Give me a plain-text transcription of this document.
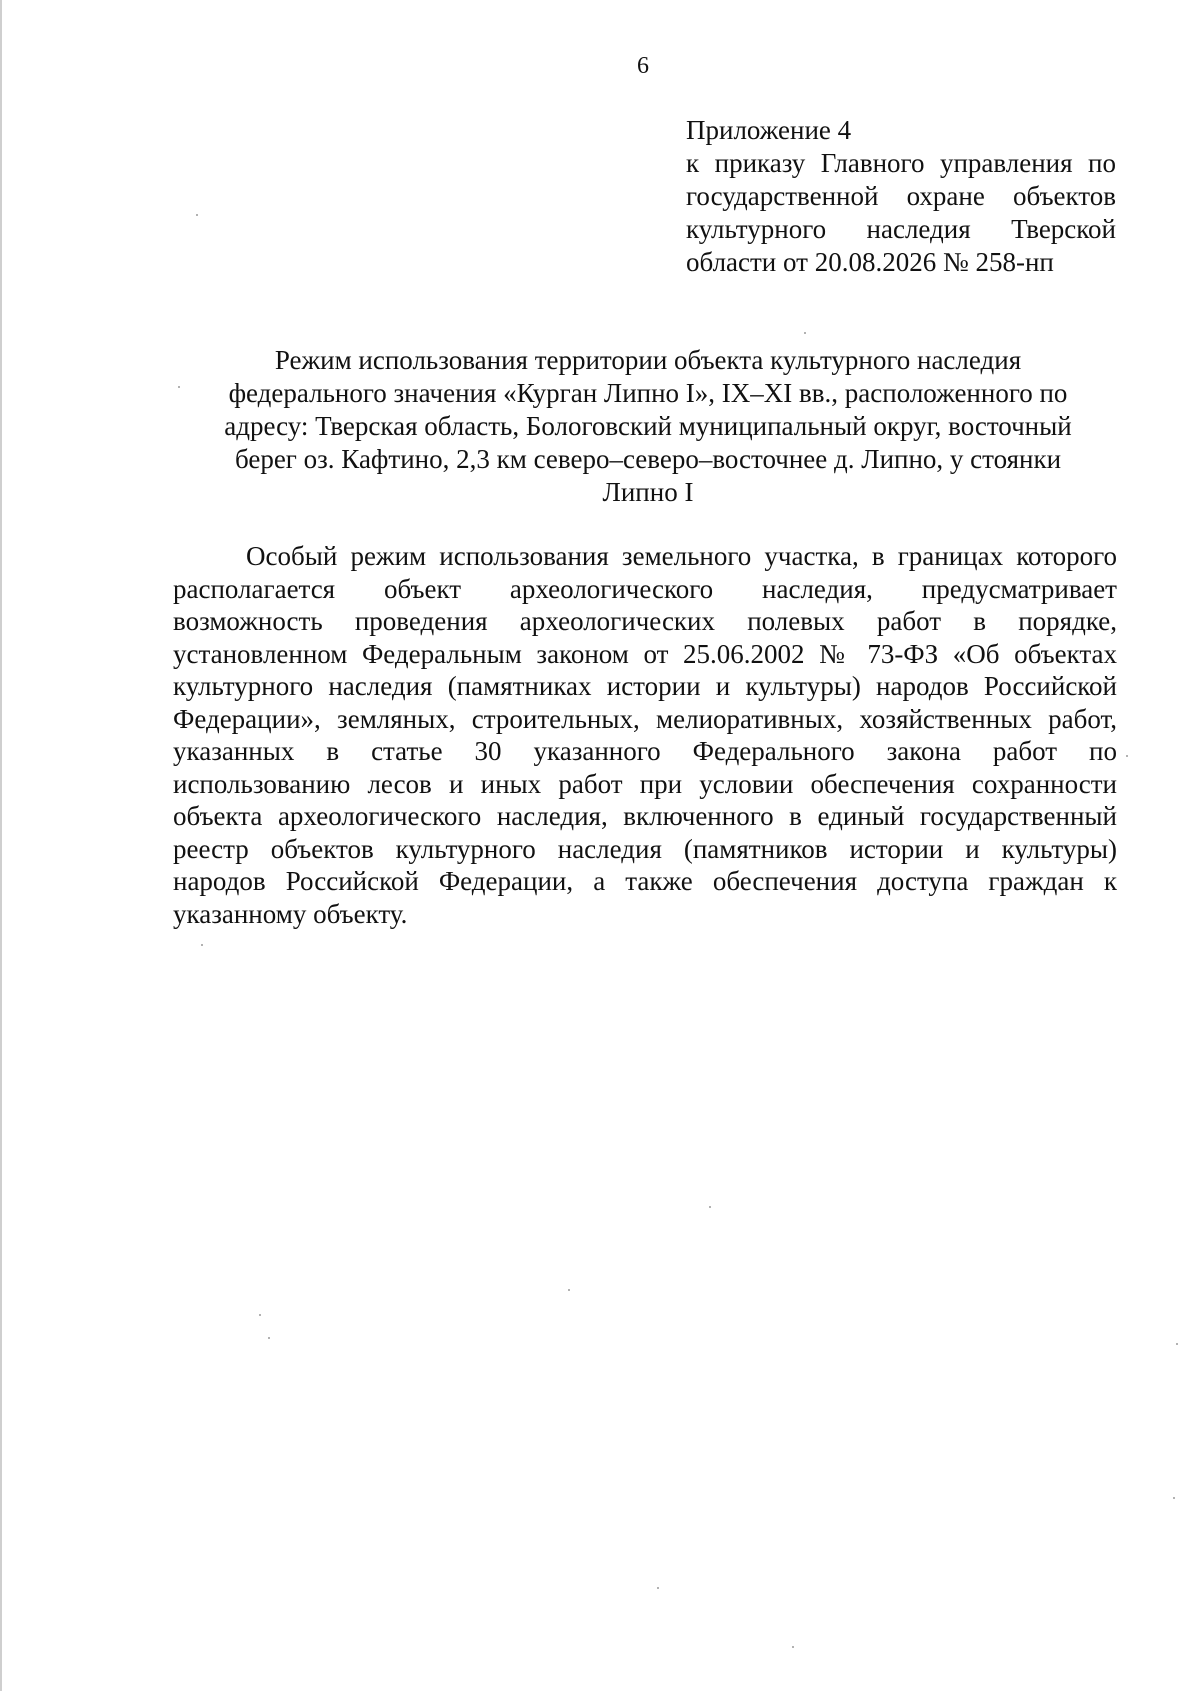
6
Приложение 4
к приказу Главного управления по
государственной охране объектов
культурного наследия Тверской
области от 20.08.2026 № 258-нп
Режим использования территории объекта культурного наследия
федерального значения «Курган Липно I», IX–XI вв., расположенного по
адресу: Тверская область, Бологовский муниципальный округ, восточный
берег оз. Кафтино, 2,3 км северо–северо–восточнее д. Липно, у стоянки
Липно I
Особый режим использования земельного участка, в границах которого
располагается объект археологического наследия, предусматривает
возможность проведения археологических полевых работ в порядке,
установленном Федеральным законом от 25.06.2002 № 73-ФЗ «Об объектах
культурного наследия (памятниках истории и культуры) народов Российской
Федерации», земляных, строительных, мелиоративных, хозяйственных работ,
указанных в статье 30 указанного Федерального закона работ по
использованию лесов и иных работ при условии обеспечения сохранности
объекта археологического наследия, включенного в единый государственный
реестр объектов культурного наследия (памятников истории и культуры)
народов Российской Федерации, а также обеспечения доступа граждан к
указанному объекту.
